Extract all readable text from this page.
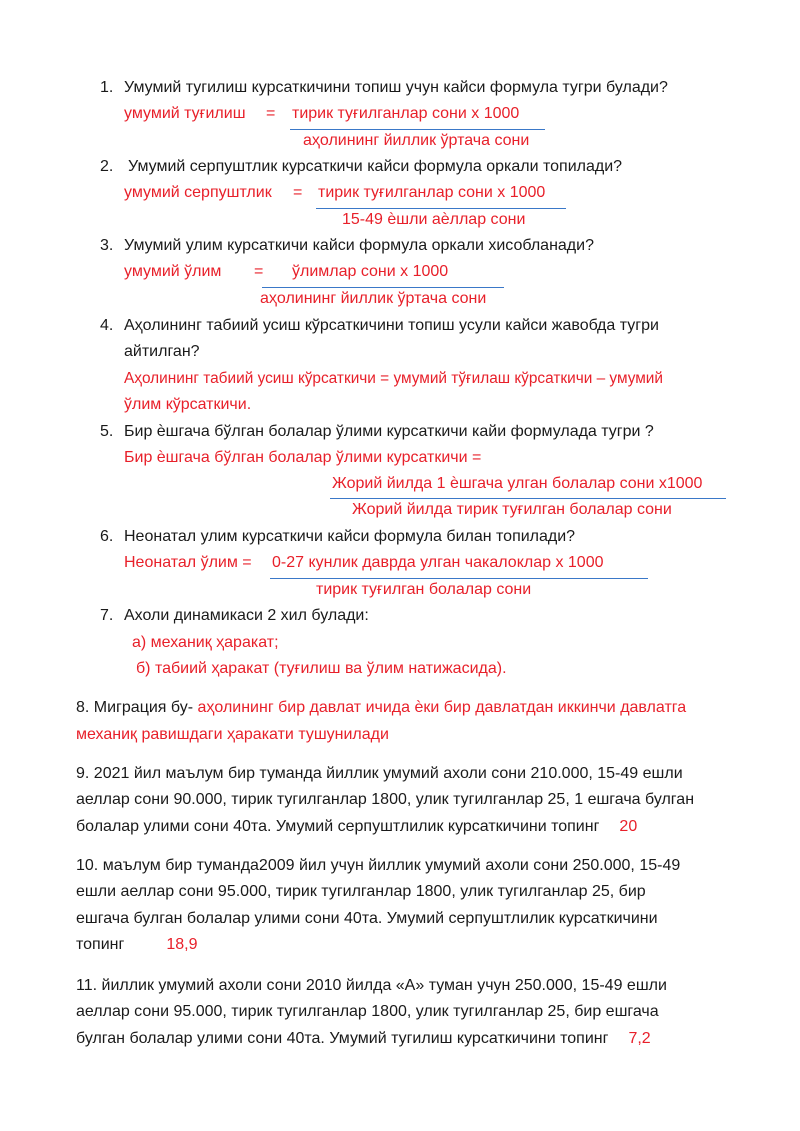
1. Умумий тугилиш курсаткичини топиш учун кайси формула тугри булади?
умумий туғилиш = тирик туғилганлар сони х 1000
аҳолининг йиллик ўртача сони
2. Умумий серпуштлик курсаткичи кайси формула оркали топилади?
умумий серпуштлик = тирик туғилганлар сони х 1000
15-49 ѐшли аѐллар сони
3. Умумий улим курсаткичи кайси формула оркали хисобланади?
умумий ўлим = ўлимлар сони х 1000
аҳолининг йиллик ўртача сони
4. Аҳолининг табиий усиш кўрсаткичини топиш усули кайси жавобда тугри
айтилган?
Аҳолининг табиий усиш кўрсаткичи = умумий тўғилаш кўрсаткичи – умумий
ўлим кўрсаткичи.
5. Бир ѐшгача бўлган болалар ўлими курсаткичи кайи формулада тугри ?
Бир ѐшгача бўлган болалар ўлими курсаткичи =
Жорий йилда 1 ѐшгача улган болалар сони х1000
Жорий йилда тирик туғилган болалар сони
6. Неонатал улим курсаткичи кайси формула билан топилади?
Неонатал ўлим = 0-27 кунлик даврда улган чакалоклар х 1000
тирик туғилган болалар сони
7. Ахоли динамикаси 2 хил булади:
а) механиқ ҳаракат;
б) табиий ҳаракат (туғилиш ва ўлим натижасида).
8. Миграция бу- аҳолининг бир давлат ичида ѐки бир давлатдан иккинчи давлатга
механиқ равишдаги ҳаракати тушунилади
9. 2021 йил маълум бир туманда йиллик умумий ахоли сони 210.000, 15-49 ешли
аеллар сони 90.000, тирик тугилганлар 1800, улик тугилганлар 25, 1 ешгача булган
болалар улими сони 40та. Умумий серпуштлилик курсаткичини топинг 20
10. маълум бир туманда2009 йил учун йиллик умумий ахоли сони 250.000, 15-49
ешли аеллар сони 95.000, тирик тугилганлар 1800, улик тугилганлар 25, бир
ешгача булган болалар улими сони 40та. Умумий серпуштлилик курсаткичини
топинг	18,9
11. йиллик умумий ахоли сони 2010 йилда «А» туман учун 250.000, 15-49 ешли
аеллар сони 95.000, тирик тугилганлар 1800, улик тугилганлар 25, бир ешгача
булган болалар улими сони 40та. Умумий тугилиш курсаткичини топинг 7,2
